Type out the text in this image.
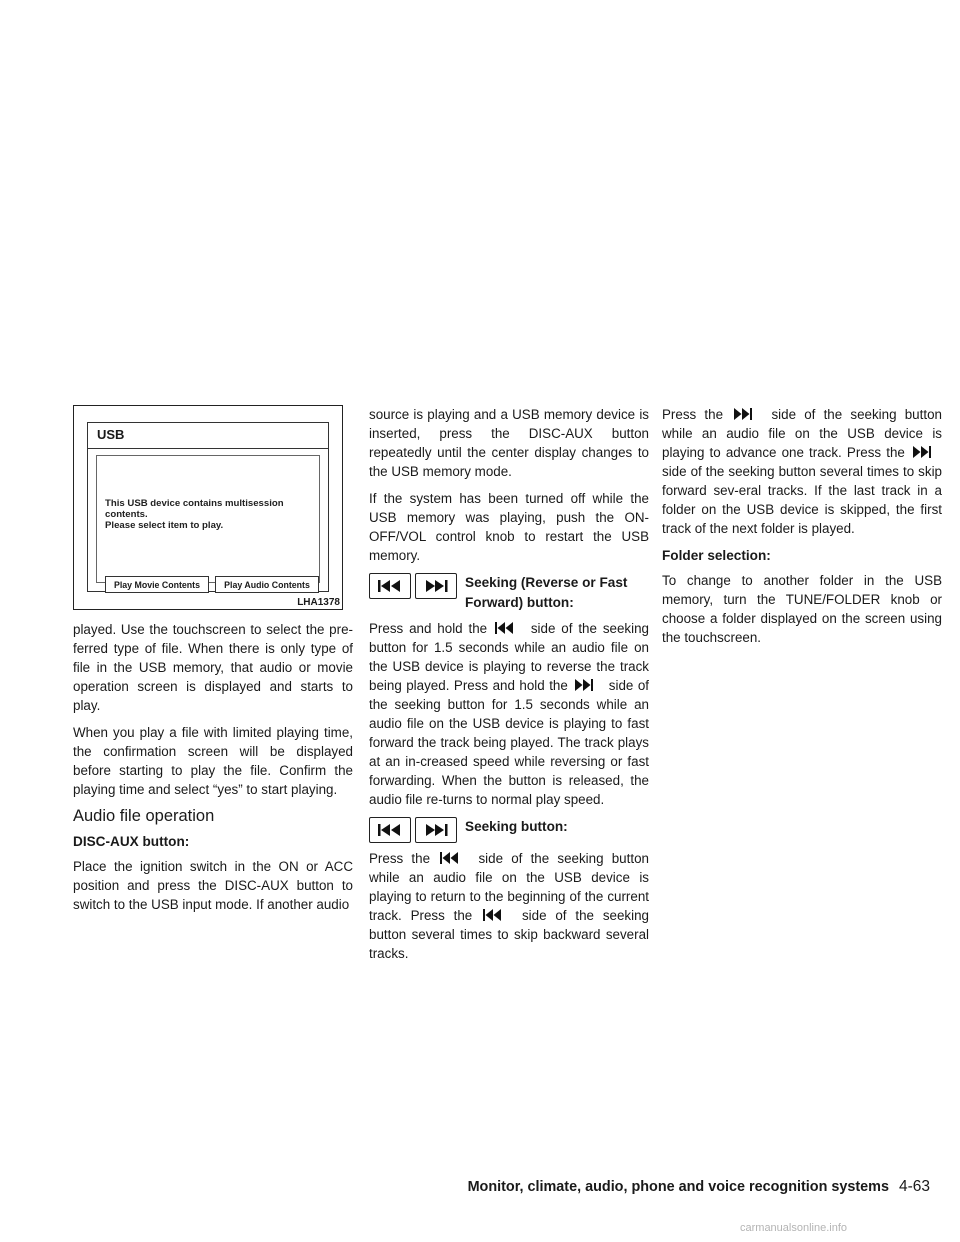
USB
This USB device contains multisession contents.
Please select item to play.
Play Movie Contents	Play Audio Contents
LHA1378

played. Use the touchscreen to select the pre-ferred type of file. When there is only type of file in the USB memory, that audio or movie operation screen is displayed and starts to play.

When you play a file with limited playing time, the confirmation screen will be displayed before starting to play the file. Confirm the playing time and select “yes” to start playing.

Audio file operation
DISC-AUX button:

Place the ignition switch in the ON or ACC position and press the DISC-AUX button to switch to the USB input mode. If another audio

source is playing and a USB memory device is inserted, press the DISC-AUX button repeatedly until the center display changes to the USB memory mode.

If the system has been turned off while the USB memory was playing, push the ON-OFF/VOL control knob to restart the USB memory.

Seeking (Reverse or Fast Forward) button:

Press and hold the	side of the seeking button for 1.5 seconds while an audio file on the USB device is playing to reverse the track being played. Press and hold the	side of the seeking button for 1.5 seconds while an audio file on the USB device is playing to fast forward the track being played. The track plays at an in-creased speed while reversing or fast forwarding. When the button is released, the audio file re-turns to normal play speed.

Seeking button:

Press the	side of the seeking button while an audio file on the USB device is playing to return to the beginning of the current track. Press the	side of the seeking button several times to skip backward several tracks.

Press the	side of the seeking button while an audio file on the USB device is playing to advance one track. Press the  side of the seeking button several times to skip forward sev-eral tracks. If the last track in a folder on the USB device is skipped, the first track of the next folder is played.

Folder selection:

To change to another folder in the USB memory, turn the TUNE/FOLDER knob or choose a folder displayed on the screen using the touchscreen.

Monitor, climate, audio, phone and voice recognition systems 4-63
carmanualsonline.info
